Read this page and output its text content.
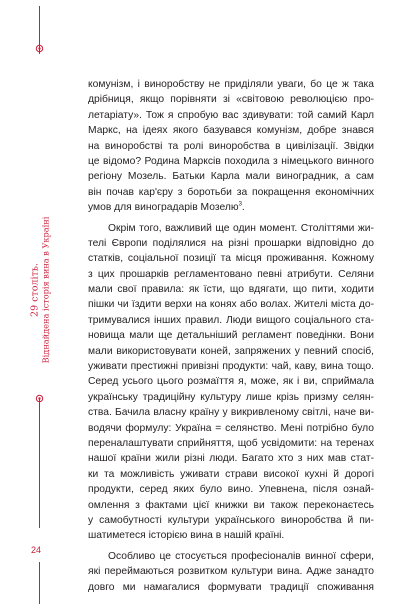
29 століть. Віднайдена історія вина в Україні
24
комунізм, і виноробству не приділяли уваги, бо це ж така
дрібниця, якщо порівняти зі «світовою революцією про-
летаріату». Тож я спробую вас здивувати: той самий Карл
Маркс, на ідеях якого базувався комунізм, добре знався
на виноробстві та ролі виноробства в цивілізації. Звідки
це відомо? Родина Марксів походила з німецького винного
регіону Мозель. Батьки Карла мали виноградник, а сам
він почав кар'єру з боротьби за покращення економічних
умов для виноградарів Мозелю$^3$.
Окрім того, важливий ще один момент. Століттями жи-
телі Європи поділялися на різні прошарки відповідно до
статків, соціальної позиції та місця проживання. Кожному
з цих прошарків регламентовано певні атрибути. Селяни
мали свої правила: як їсти, що вдягати, що пити, ходити
пішки чи їздити верхи на конях або волах. Жителі міста до-
тримувалися інших правил. Люди вищого соціального ста-
новища мали ще детальніший регламент поведінки. Вони
мали використовувати коней, запряжених у певний спосіб,
уживати престижні привізні продукти: чай, каву, вина тощо.
Серед усього цього розмаїття я, може, як і ви, сприймала
українську традиційну культуру лише крізь призму селян-
ства. Бачила власну країну у викривленому світлі, наче ви-
водячи формулу: Україна = селянство. Мені потрібно було
переналаштувати сприйняття, щоб усвідомити: на теренах
нашої країни жили різні люди. Багато хто з них мав стат-
ки та можливість уживати страви високої кухні й дорогі
продукти, серед яких було вино. Упевнена, після ознай-
омлення з фактами цієї книжки ви також переконаєтесь
у самобутності культури українського виноробства й пи-
шатиметеся історією вина в нашій країні.
Особливо це стосується професіоналів винної сфери,
які переймаються розвитком культури вина. Адже занадто
довго ми намагалися формувати традиції споживання
